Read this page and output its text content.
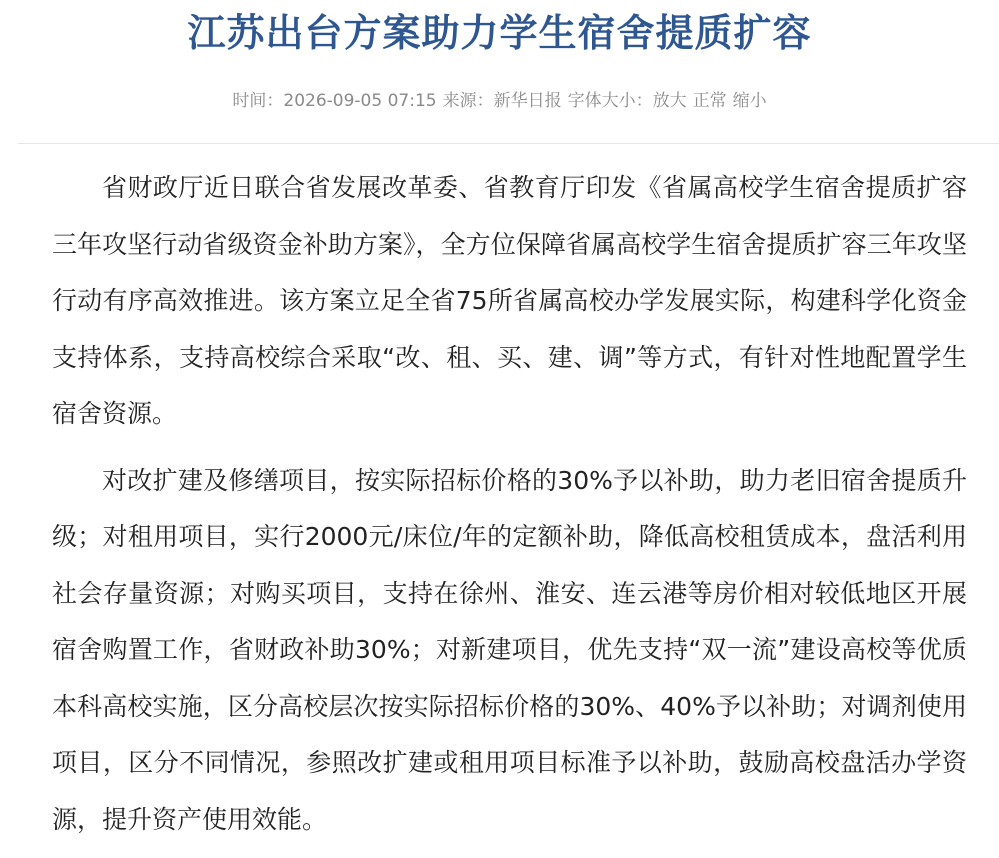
江苏出台方案助力学生宿舍提质扩容
时间：2026-09-05 07:15 来源：新华日报 字体大小：放大 正常 缩小

省财政厅近日联合省发展改革委、省教育厅印发《省属高校学生宿舍提质扩容三年攻坚行动省级资金补助方案》，全方位保障省属高校学生宿舍提质扩容三年攻坚行动有序高效推进。该方案立足全省75所省属高校办学发展实际，构建科学化资金支持体系，支持高校综合采取“改、租、买、建、调”等方式，有针对性地配置学生宿舍资源。

对改扩建及修缮项目，按实际招标价格的30%予以补助，助力老旧宿舍提质升级；对租用项目，实行2000元/床位/年的定额补助，降低高校租赁成本，盘活利用社会存量资源；对购买项目，支持在徐州、淮安、连云港等房价相对较低地区开展宿舍购置工作，省财政补助30%；对新建项目，优先支持“双一流”建设高校等优质本科高校实施，区分高校层次按实际招标价格的30%、40%予以补助；对调剂使用项目，区分不同情况，参照改扩建或租用项目标准予以补助，鼓励高校盘活办学资源，提升资产使用效能。
